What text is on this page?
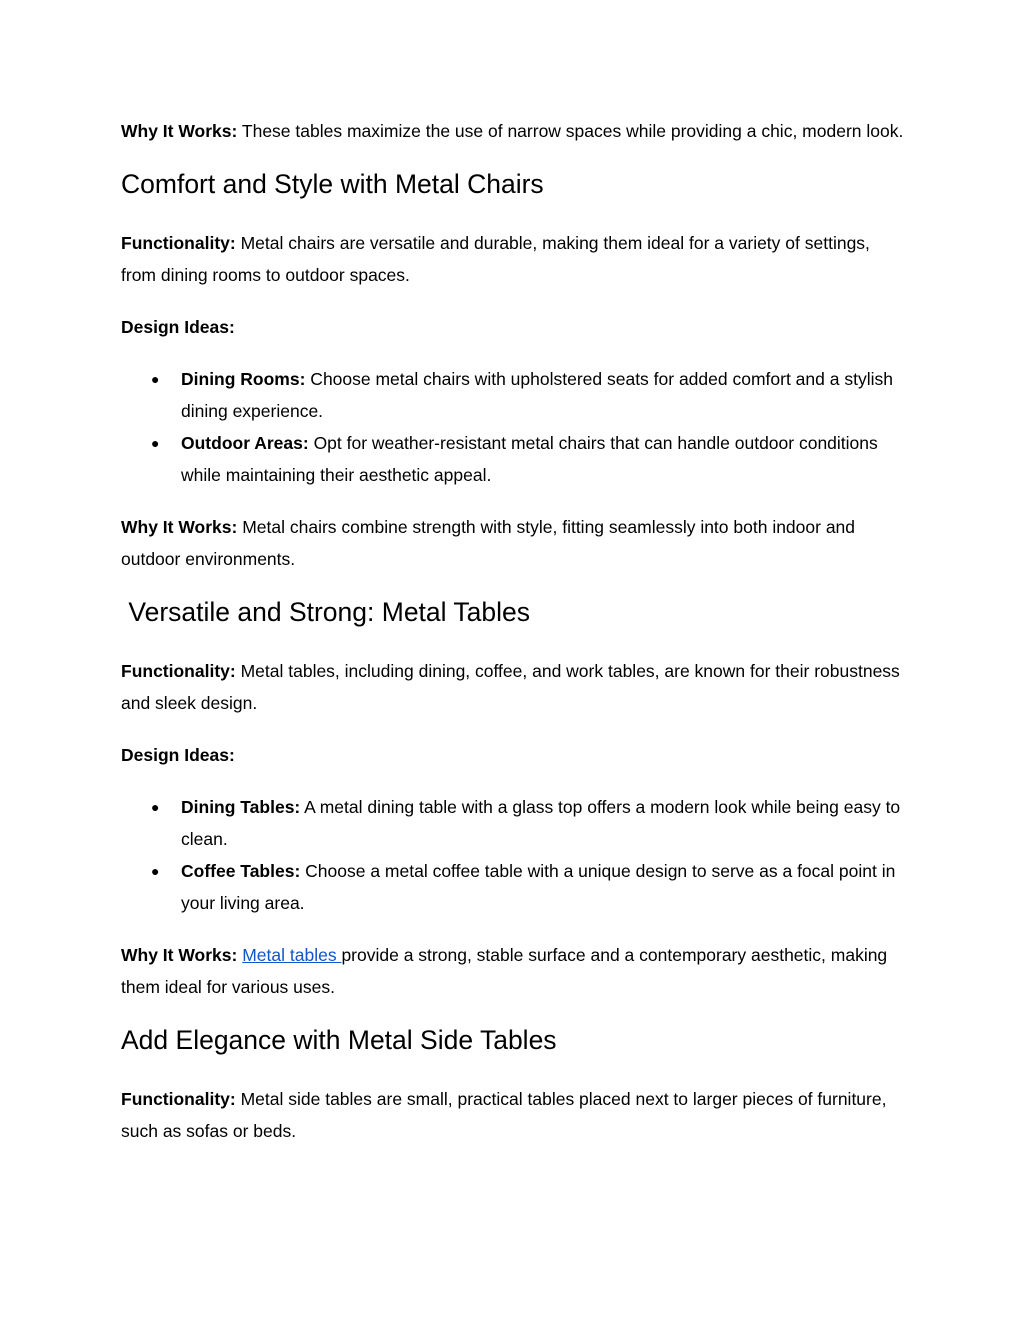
Why It Works: These tables maximize the use of narrow spaces while providing a chic, modern look.

Comfort and Style with Metal Chairs

Functionality: Metal chairs are versatile and durable, making them ideal for a variety of settings, from dining rooms to outdoor spaces.

Design Ideas:

● Dining Rooms: Choose metal chairs with upholstered seats for added comfort and a stylish dining experience.
● Outdoor Areas: Opt for weather-resistant metal chairs that can handle outdoor conditions while maintaining their aesthetic appeal.

Why It Works: Metal chairs combine strength with style, fitting seamlessly into both indoor and outdoor environments.

Versatile and Strong: Metal Tables

Functionality: Metal tables, including dining, coffee, and work tables, are known for their robustness and sleek design.

Design Ideas:

● Dining Tables: A metal dining table with a glass top offers a modern look while being easy to clean.
● Coffee Tables: Choose a metal coffee table with a unique design to serve as a focal point in your living area.

Why It Works: Metal tables provide a strong, stable surface and a contemporary aesthetic, making them ideal for various uses.

Add Elegance with Metal Side Tables

Functionality: Metal side tables are small, practical tables placed next to larger pieces of furniture, such as sofas or beds.
